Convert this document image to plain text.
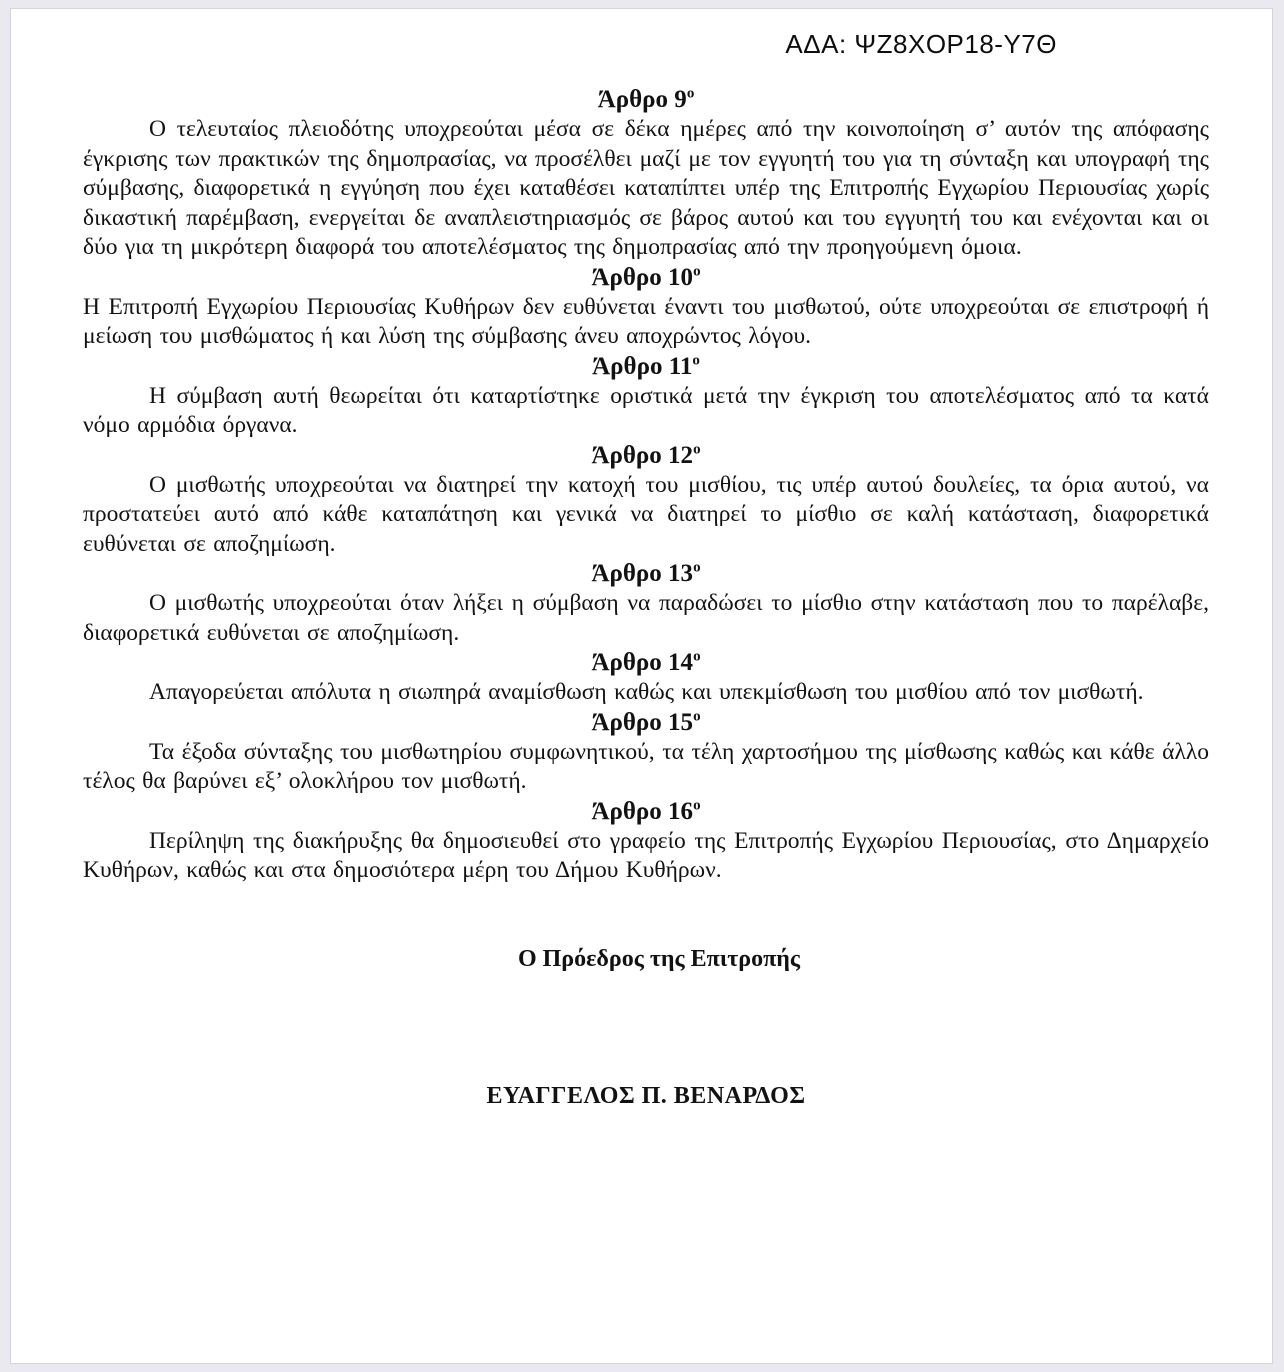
ΑΔΑ: ΨΖ8ΧΟΡ18-Υ7Θ
Άρθρο $9^o$

Ο τελευταίος πλειοδότης υποχρεούται μέσα σε δέκα ημέρες από την κοινοποίηση σ’ αυτόν της απόφασης έγκρισης των πρακτικών της δημοπρασίας, να προσέλθει μαζί με τον εγγυητή του για τη σύνταξη και υπογραφή της σύμβασης, διαφορετικά η εγγύηση που έχει καταθέσει καταπίπτει υπέρ της Επιτροπής Εγχωρίου Περιουσίας χωρίς δικαστική παρέμβαση, ενεργείται δε αναπλειστηριασμός σε βάρος αυτού και του εγγυητή του και ενέχονται και οι δύο για τη μικρότερη διαφορά του αποτελέσματος της δημοπρασίας από την προηγούμενη όμοια.

Άρθρο $10^o$

Η Επιτροπή Εγχωρίου Περιουσίας Κυθήρων δεν ευθύνεται έναντι του μισθωτού, ούτε υποχρεούται σε επιστροφή ή μείωση του μισθώματος ή και λύση της σύμβασης άνευ αποχρώντος λόγου.

Άρθρο $11^o$

Η σύμβαση αυτή θεωρείται ότι καταρτίστηκε οριστικά μετά την έγκριση του αποτελέσματος από τα κατά νόμο αρμόδια όργανα.

Άρθρο $12^o$

Ο μισθωτής υποχρεούται να διατηρεί την κατοχή του μισθίου, τις υπέρ αυτού δουλείες, τα όρια αυτού, να προστατεύει αυτό από κάθε καταπάτηση και γενικά να διατηρεί το μίσθιο σε καλή κατάσταση, διαφορετικά ευθύνεται σε αποζημίωση.

Άρθρο $13^o$

Ο μισθωτής υποχρεούται όταν λήξει η σύμβαση να παραδώσει το μίσθιο στην κατάσταση που το παρέλαβε, διαφορετικά ευθύνεται σε αποζημίωση.

Άρθρο $14^o$

Απαγορεύεται απόλυτα η σιωπηρά αναμίσθωση καθώς και υπεκμίσθωση του μισθίου από τον μισθωτή.

Άρθρο $15^o$

Τα έξοδα σύνταξης του μισθωτηρίου συμφωνητικού, τα τέλη χαρτοσήμου της μίσθωσης καθώς και κάθε άλλο τέλος θα βαρύνει εξ’ ολοκλήρου τον μισθωτή.

Άρθρο $16^o$

Περίληψη της διακήρυξης θα δημοσιευθεί στο γραφείο της Επιτροπής Εγχωρίου Περιουσίας, στο Δημαρχείο Κυθήρων, καθώς και στα δημοσιότερα μέρη του Δήμου Κυθήρων.

Ο Πρόεδρος της Επιτροπής

ΕΥΑΓΓΕΛΟΣ Π. ΒΕΝΑΡΔΟΣ
